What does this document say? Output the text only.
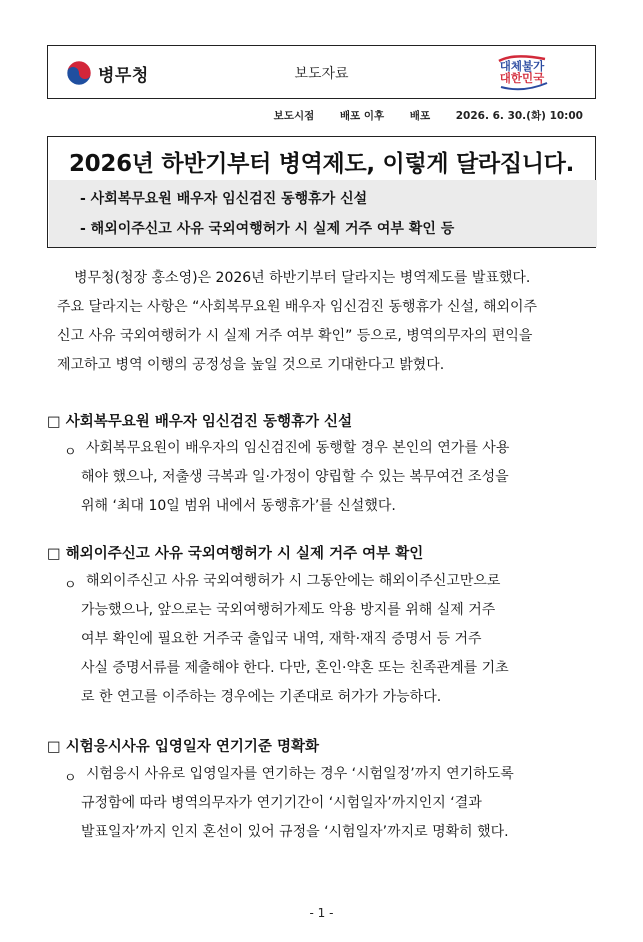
병무청	보도자료	대체불가
대한민국
보도시점 배포 이후 배포 2026. 6. 30.(화) 10:00
2026년 하반기부터 병역제도, 이렇게 달라집니다.
- 사회복무요원 배우자 임신검진 동행휴가 신설
- 해외이주신고 사유 국외여행허가 시 실제 거주 여부 확인 등
병무청(청장 홍소영)은 2026년 하반기부터 달라지는 병역제도를 발표했다.
주요 달라지는 사항은 “사회복무요원 배우자 임신검진 동행휴가 신설, 해외이주
신고 사유 국외여행허가 시 실제 거주 여부 확인” 등으로, 병역의무자의 편익을
제고하고 병역 이행의 공정성을 높일 것으로 기대한다고 밝혔다.
□ 사회복무요원 배우자 임신검진 동행휴가 신설
ㅇ 사회복무요원이 배우자의 임신검진에 동행할 경우 본인의 연가를 사용
해야 했으나, 저출생 극복과 일·가정이 양립할 수 있는 복무여건 조성을
위해 ‘최대 10일 범위 내에서 동행휴가’를 신설했다.
□ 해외이주신고 사유 국외여행허가 시 실제 거주 여부 확인
ㅇ 해외이주신고 사유 국외여행허가 시 그동안에는 해외이주신고만으로
가능했으나, 앞으로는 국외여행허가제도 악용 방지를 위해 실제 거주
여부 확인에 필요한 거주국 출입국 내역, 재학·재직 증명서 등 거주
사실 증명서류를 제출해야 한다. 다만, 혼인·약혼 또는 친족관계를 기초
로 한 연고를 이주하는 경우에는 기존대로 허가가 가능하다.
□ 시험응시사유 입영일자 연기기준 명확화
ㅇ 시험응시 사유로 입영일자를 연기하는 경우 ‘시험일정’까지 연기하도록
규정함에 따라 병역의무자가 연기기간이 ‘시험일자’까지인지 ‘결과
발표일자’까지 인지 혼선이 있어 규정을 ‘시험일자’까지로 명확히 했다.
- 1 -
